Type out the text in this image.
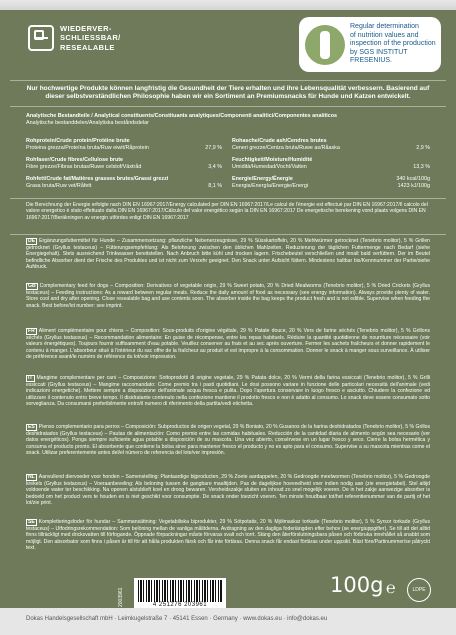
WIEDERVER-
SCHLIESSBAR/
RESEALABLE
Regular determination
of nutrition values and
inspection of the production
by SGS INSTITUT FRESENIUS.
Nur hochwertige Produkte können langfristig die Gesundheit der Tiere erhalten und ihre Lebensqualität verbessern. Basierend auf dieser selbstverständlichen Philosophie haben wir ein Sortiment an Premiumsnacks für Hunde und Katzen entwickelt.
Analytische Bestandteile / Analytical constituents/Constituants analytiques/Componenti analitici/Componentes analíticos
Analytische bestanddelen/Analytiska beståndsdelar
Rohprotein/Crude protein/Protéine brute
Proteina grezza/Proteína bruta/Ruw eiwit/Råprotein	27,9 %
Rohfaser/Crude fibres/Cellulose brute
Fibre grezze/Fibras brutas/Ruwe celstof/Växtråd	3,4 %
Rohfett/Crude fat/Matières grasses brutes/Grassi grezzi
Grasa bruta/Ruw vet/Råfett	8,1 %
Rohasche/Crude ash/Cendres brutes
Ceneri grezze/Ceniza bruta/Ruwe as/Råaska	2,9 %
Feuchtigkeit/Moisture/Humidité
Umidità/Humedad/Vocht/Vatten	13,3 %
Energie/Energy/Énergie
Energia/Energía/Energie/Energi
340 kcal/100g
1423 kJ/100g
Die Berechnung der Energie erfolgte nach DIN EN 16967:2017/Energy calculated per DIN EN 16967:2017/Le calcul de l'énergie est effectué par DIN EN 16967:2017/Il calcolo del valore energetico è stato effettuato dalla DIN EN 16967:2017/Cálculo del valor energético según la DIN EN 16967:2017 De energetische berekening vond plaats volgens DIN EN 16967:2017/Beräkningen av energin utfördes enligt DIN EN 16967:2017
DE Ergänzungsfuttermittel für Hunde – Zusammensetzung: pflanzliche Nebenerzeugnisse, 29 % Süsskartoffeln, 20 % Mehlwürmer getrocknet (Tenebrio molitor), 5 % Grillen getrocknet (Gryllus testaceus) – Fütterungsempfehlung: Als Belohnung zwischen den üblichen Mahlzeiten. Reduzierung der täglichen Futtermenge nach Bedarf (siehe Energiegehalt). Stets ausreichend Trinkwasser bereitstellen. Nach Anbruch bitte kühl und trocken lagern. Frischebeutel verschließen und innalt bald verfüttern. Der im Beutel befindliche Absorber dient der Frische des Produktes und ist nicht zum Verzehr geeignet. Den Snack unter Aufsicht füttern. Mindestens haltbar bis/Kennnummer der Partie/siehe Aufdruck.
GB Complementary feed for dogs – Composition: Derivatives of vegetable origin, 29 % Sweet potato, 20 % Dried Mealworms (Tenebrio molitor), 5 % Dried Crickets (Gryllus testaceus) – Feeding instructions: As a reward between regular meals. Reduce the daily amount of food as necessary (see energy information). Always provide plenty of water. Store cool and dry after opening. Close resealable bag and use contents soon. The absorber inside the bag keeps the product fresh and is not edible. Supervise when feeding the snack. Best before/lot number: see imprint.
FR Aliment complémentaire pour chiens – Composition: Sous-produits d'origine végétale, 29 % Patate douce, 20 % Vers de farine séchés (Tenebrio molitor), 5 % Grillons séchés (Gryllus testaceus) – Recommandation alimentaire: En guise de récompense, entre les repas habituels. Réduire la quantité quotidienne de nourriture nécessaire (voir valeurs énergétiques). Toujours fournir suffisamment d'eau potable. Veuillez conserver au frais et au sec après ouverture. Fermer les sachets fraîcheurs et donner rapidement le contenu à manger. L'absorbeur situé à l'intérieur du sac offre de la fraîcheur au produit et est impropre à la consommation. Donner le snack à manger sous surveillance. À utiliser de préférence avant/le numéro de référence du lot/voir impression.
IT Mangime complementare per cani – Composizione: Sottoprodotti di origine vegetale, 29 % Patata dolce, 20 % Vermi della farina essiccati (Tenebrio molitor), 5 % Grilli essiccati (Gryllus testaceus) – Mangime raccomandato: Come premio tra i pasti quotidiani. Le dosi possono variare in funzione delle particolari necessità dell'animale (vedi indicazioni energetiche). Mettere sempre a disposizione dell'animale acqua fresca e pulita. Dopo l'apertura conservare in luogo fresco e asciutto. Chiudere la confezione ed utilizzare il contenuto entro breve tempo. Il disidratante contenuto nella confezione mantiene il prodotto fresco e non è adatto al consumo. Lo snack deve essere consumato sotto sorveglianza. Da consumarsi preferibilmente entro/il numero di riferimento della partita/vedi etichetta.
ES Pienso complementario para perros – Composición: Subproductos de origen vegetal, 29 % Boniato, 20 % Gusanos de la harina deshidratados (Tenebrio molitor), 5 % Grillos deshidratados (Gryllus testaceus) – Pautas de alimentación: Como premio entre las comidas habituales. Reducción de la cantidad diaria de alimento según sea necesario (ver datos energéticos). Ponga siempre suficiente agua potable a disposición de su mascota. Una vez abierto, consérvese en un lugar fresco y seco. Cierre la bolsa hermética y consuma el producto pronto. El absorbente que contiene la bolsa sirve para mantener fresco el producto y no es apto para el consumo. Supervise a su mascota mientras come el snack. Utilizar preferentemente antes del/el número de referencia del lote/ver impresión.
NL Aanvullend diervoeder voor honden – Samenstelling: Plantaardige bijproducten, 29 % Zoete aardappelen, 20 % Gedroogde meelwormen (Tenebrio molitor), 5 % Gedroogde krekels (Gryllus testaceus) – Voeraanbeveling: Als beloning tussen de gangbare maaltijden. Pas de dagelijkse hoeveelheid voer indien nodig aan (zie energietabel). Stel altijd voldoende water ter beschikking. Na openen alstublieft koel en droog bewaren. Versheidszakje sluiten en inhoud zo snel mogelijk voeren. De in het zakje aanwezige absorber is bedoeld om het product vers te houden en is niet geschikt voor consumptie. De snack onder toezicht voeren. Ten minste houdbaar tot/het referentienummer van de partij of het lot/zie print.
SE Kompletteringsfoder för hundar – Sammansättning: Vegetabiliska biprodukter, 29 % Sötpotatis, 20 % Mjölmaskar torkade (Tenebrio molitor), 5 % Syrsor torkade (Gryllus testaceus) – Utfodringsrekommendation: Som belöning mellan de vanliga målitderna. Avdragning av den dagliga foderiängden efter behov (se energiuppgifter). Se till att det alltid finns tillräckligt med dricksvatten till förfogande. Öppnade förpackningar måste förvaras svalt och torrt. Stäng den återförslutningsbara påsen och förbruka innehållet så snabbt som möjligt. Den absorbator som finns i påsen är till för att hålla produkten färsk och får inte förtäras. Denna snack får endast förtäras under uppsikt. Bäst före/Partinummer/se påtryckt text.
2003961	4 251276 203961
100g ℮	LDPE
Dokas Handelsgesellschaft mbH · Leimkugelstraße 7 · 45141 Essen · Germany · www.dokas.eu · info@dokas.eu
